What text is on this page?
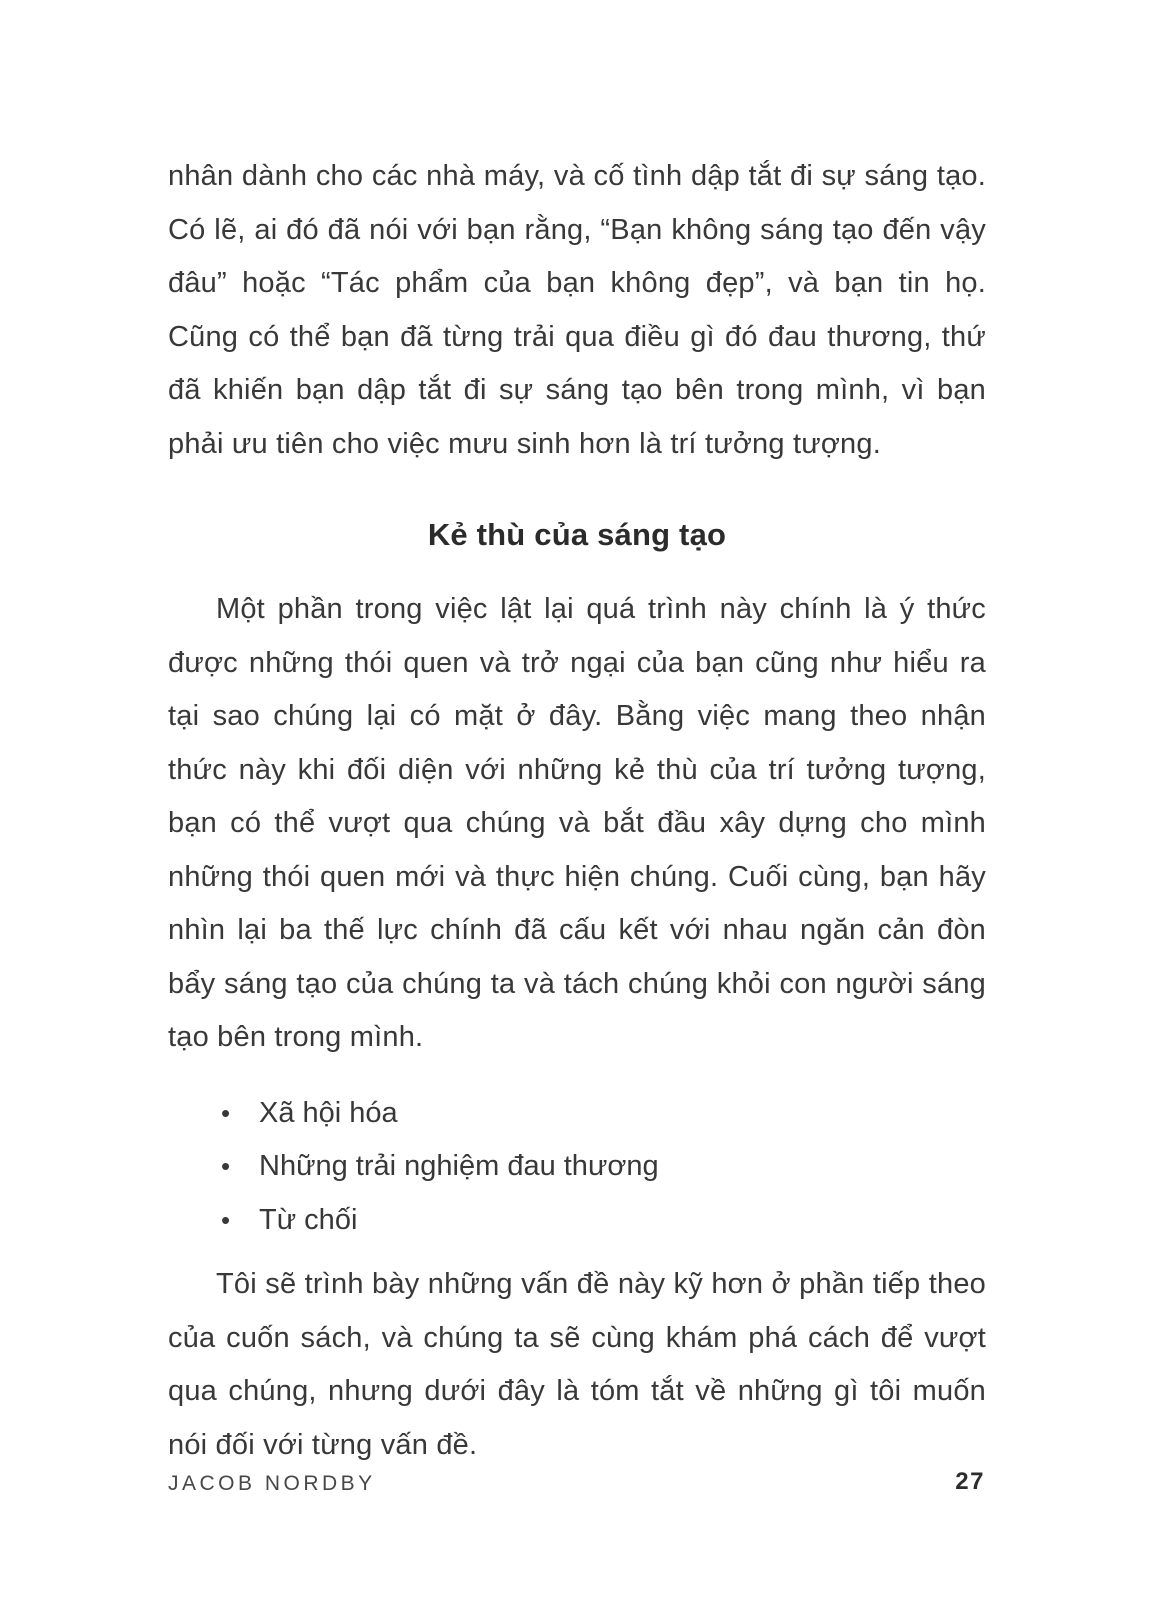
nhân dành cho các nhà máy, và cố tình dập tắt đi sự sáng tạo. Có lẽ, ai đó đã nói với bạn rằng, “Bạn không sáng tạo đến vậy đâu” hoặc “Tác phẩm của bạn không đẹp”, và bạn tin họ. Cũng có thể bạn đã từng trải qua điều gì đó đau thương, thứ đã khiến bạn dập tắt đi sự sáng tạo bên trong mình, vì bạn phải ưu tiên cho việc mưu sinh hơn là trí tưởng tượng.

Kẻ thù của sáng tạo

Một phần trong việc lật lại quá trình này chính là ý thức được những thói quen và trở ngại của bạn cũng như hiểu ra tại sao chúng lại có mặt ở đây. Bằng việc mang theo nhận thức này khi đối diện với những kẻ thù của trí tưởng tượng, bạn có thể vượt qua chúng và bắt đầu xây dựng cho mình những thói quen mới và thực hiện chúng. Cuối cùng, bạn hãy nhìn lại ba thế lực chính đã cấu kết với nhau ngăn cản đòn bẩy sáng tạo của chúng ta và tách chúng khỏi con người sáng tạo bên trong mình.

• Xã hội hóa
• Những trải nghiệm đau thương
• Từ chối

Tôi sẽ trình bày những vấn đề này kỹ hơn ở phần tiếp theo của cuốn sách, và chúng ta sẽ cùng khám phá cách để vượt qua chúng, nhưng dưới đây là tóm tắt về những gì tôi muốn nói đối với từng vấn đề.

JACOB NORDBY	27
